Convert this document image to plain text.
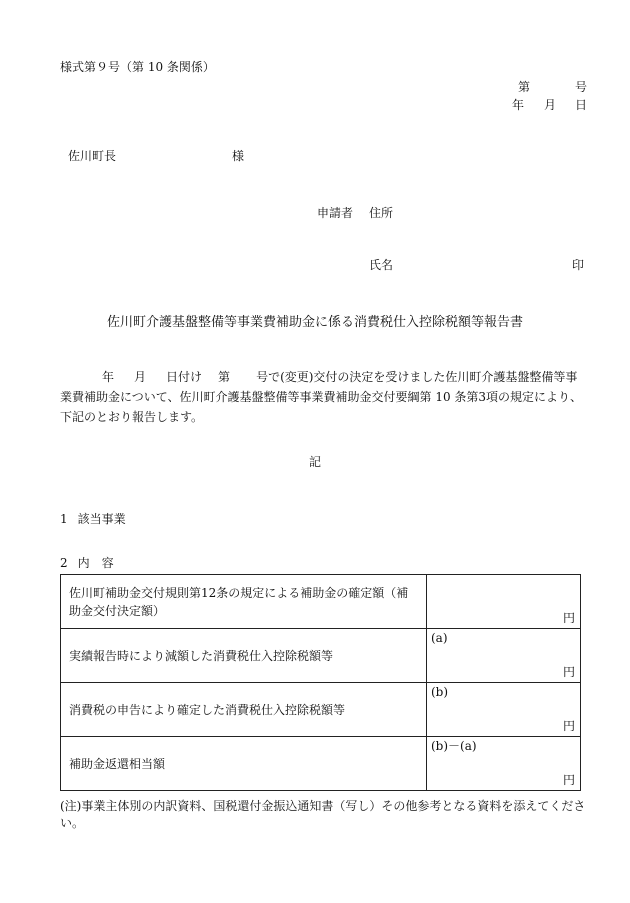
様式第９号（第 10 条関係）
第	号
年 月 日
佐川町長	様
申請者 住所
氏名	印
佐川町介護基盤整備等事業費補助金に係る消費税仕入控除税額等報告書
年 月 日付け 第 号で(変更)交付の決定を受けました佐川町介護基盤整備等事業費補助金について、佐川町介護基盤整備等事業費補助金交付要綱第 10 条第3項の規定により、下記のとおり報告します。
記
1 該当事業
2 内　容
佐川町補助金交付規則第12条の規定による補助金の確定額（補助金交付決定額）	円

実績報告時により減額した消費税仕入控除税額等	(a)
円

消費税の申告により確定した消費税仕入控除税額等	(b)
円

補助金返還相当額	(b)－(a)
円
(注)事業主体別の内訳資料、国税還付金振込通知書（写し）その他参考となる資料を添えてください。
